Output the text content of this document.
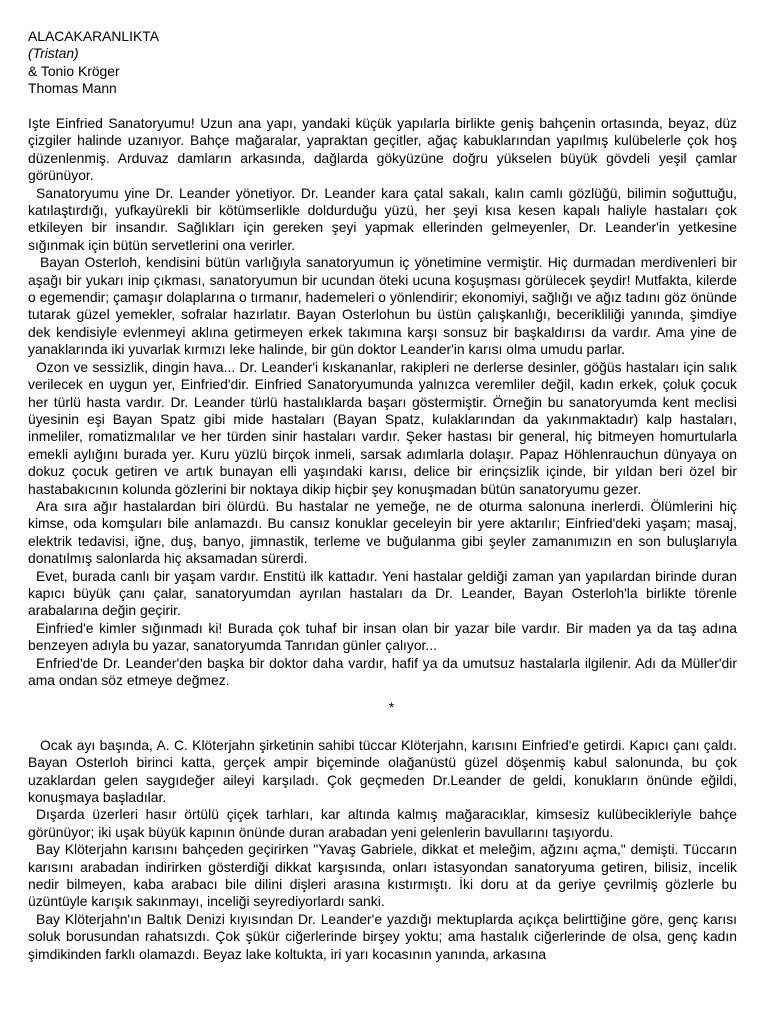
ALACAKARANLIKTA
(Tristan)
& Tonio Kröger
Thomas Mann

Işte Einfried Sanatoryumu! Uzun ana yapı, yandaki küçük yapılarla birlikte geniş bahçenin ortasında, beyaz, düz çizgiler halinde uzanıyor. Bahçe mağaralar, yapraktan geçitler, ağaç kabuklarından yapılmış kulübelerle çok hoş düzenlenmiş. Arduvaz damların arkasında, dağlarda gökyüzüne doğru yükselen büyük gövdeli yeşil çamlar görünüyor.

Sanatoryumu yine Dr. Leander yönetiyor. Dr. Leander kara çatal sakalı, kalın camlı gözlüğü, bilimin soğuttuğu, katılaştırdığı, yufkayürekli bir kötümserlikle doldurduğu yüzü, her şeyi kısa kesen kapalı haliyle hastaları çok etkileyen bir insandır. Sağlıkları için gereken şeyi yapmak ellerinden gelmeyenler, Dr. Leander'in yetkesine sığınmak için bütün servetlerini ona verirler.

Bayan Osterloh, kendisini bütün varlığıyla sanatoryumun iç yönetimine vermiştir. Hiç durmadan merdivenleri bir aşağı bir yukarı inip çıkması, sanatoryumun bir ucundan öteki ucuna koşuşması görülecek şeydir! Mutfakta, kilerde o egemendir; çamaşır dolaplarına o tırmanır, hademeleri o yönlendirir; ekonomiyi, sağlığı ve ağız tadını göz önünde tutarak güzel yemekler, sofralar hazırlatır. Bayan Osterlohun bu üstün çalışkanlığı, becerikliliği yanında, şimdiye dek kendisiyle evlenmeyi aklına getirmeyen erkek takımına karşı sonsuz bir başkaldırısı da vardır. Ama yine de yanaklarında iki yuvarlak kırmızı leke halinde, bir gün doktor Leander'in karısı olma umudu parlar.

Ozon ve sessizlik, dingin hava... Dr. Leander'i kıskananlar, rakipleri ne derlerse desinler, göğüs hastaları için salık verilecek en uygun yer, Einfried'dir. Einfried Sanatoryumunda yalnızca veremliler değil, kadın erkek, çoluk çocuk her türlü hasta vardır. Dr. Leander türlü hastalıklarda başarı göstermiştir. Örneğin bu sanatoryumda kent meclisi üyesinin eşi Bayan Spatz gibi mide hastaları (Bayan Spatz, kulaklarından da yakınmaktadır) kalp hastaları, inmeliler, romatizmalılar ve her türden sinir hastaları vardır. Şeker hastası bir general, hiç bitmeyen homurtularla emekli aylığını burada yer. Kuru yüzlü birçok inmeli, sarsak adımlarla dolaşır. Papaz Höhlenrauchun dünyaya on dokuz çocuk getiren ve artık bunayan elli yaşındaki karısı, delice bir erinçsizlik içinde, bir yıldan beri özel bir hastabakıcının kolunda gözlerini bir noktaya dikip hiçbir şey konuşmadan bütün sanatoryumu gezer.

Ara sıra ağır hastalardan biri ölürdü. Bu hastalar ne yemeğe, ne de oturma salonuna inerlerdi. Ölümlerini hiç kimse, oda komşuları bile anlamazdı. Bu cansız konuklar geceleyin bir yere aktarılır; Einfried'deki yaşam; masaj, elektrik tedavisi, iğne, duş, banyo, jimnastik, terleme ve buğulanma gibi şeyler zamanımızın en son buluşlarıyla donatılmış salonlarda hiç aksamadan sürerdi.

Evet, burada canlı bir yaşam vardır. Enstitü ilk kattadır. Yeni hastalar geldiği zaman yan yapılardan birinde duran kapıcı büyük çanı çalar, sanatoryumdan ayrılan hastaları da Dr. Leander, Bayan Osterloh'la birlikte törenle arabalarına değin geçirir.

Einfried'e kimler sığınmadı ki! Burada çok tuhaf bir insan olan bir yazar bile vardır. Bir maden ya da taş adına benzeyen adıyla bu yazar, sanatoryumda Tanrıdan günler çalıyor...

Enfried'de Dr. Leander'den başka bir doktor daha vardır, hafif ya da umutsuz hastalarla ilgilenir. Adı da Müller'dir ama ondan söz etmeye değmez.

*

Ocak ayı başında, A. C. Klöterjahn şirketinin sahibi tüccar Klöterjahn, karısını Einfried'e getirdi. Kapıcı çanı çaldı. Bayan Osterloh birinci katta, gerçek ampir biçeminde olağanüstü güzel döşenmiş kabul salonunda, bu çok uzaklardan gelen saygıdeğer aileyi karşıladı. Çok geçmeden Dr.Leander de geldi, konukların önünde eğildi, konuşmaya başladılar.

Dışarda üzerleri hasır örtülü çiçek tarhları, kar altında kalmış mağaracıklar, kimsesiz kulübecikleriyle bahçe görünüyor; iki uşak büyük kapının önünde duran arabadan yeni gelenlerin bavullarını taşıyordu.

Bay Klöterjahn karısını bahçeden geçirirken "Yavaş Gabriele, dikkat et meleğim, ağzını açma," demişti. Tüccarın karısını arabadan indirirken gösterdiği dikkat karşısında, onları istasyondan sanatoryuma getiren, bilisiz, incelik nedir bilmeyen, kaba arabacı bile dilini dişleri arasına kıstırmıştı. İki doru at da geriye çevrilmiş gözlerle bu üzüntüyle karışık sakınmayı, inceliği seyrediyorlardı sanki.

Bay Klöterjahn'ın Baltık Denizi kıyısından Dr. Leander'e yazdığı mektuplarda açıkça belirttiğine göre, genç karısı soluk borusundan rahatsızdı. Çok şükür ciğerlerinde birşey yoktu; ama hastalık ciğerlerinde de olsa, genç kadın şimdikinden farklı olamazdı. Beyaz lake koltukta, iri yarı kocasının yanında, arkasına
